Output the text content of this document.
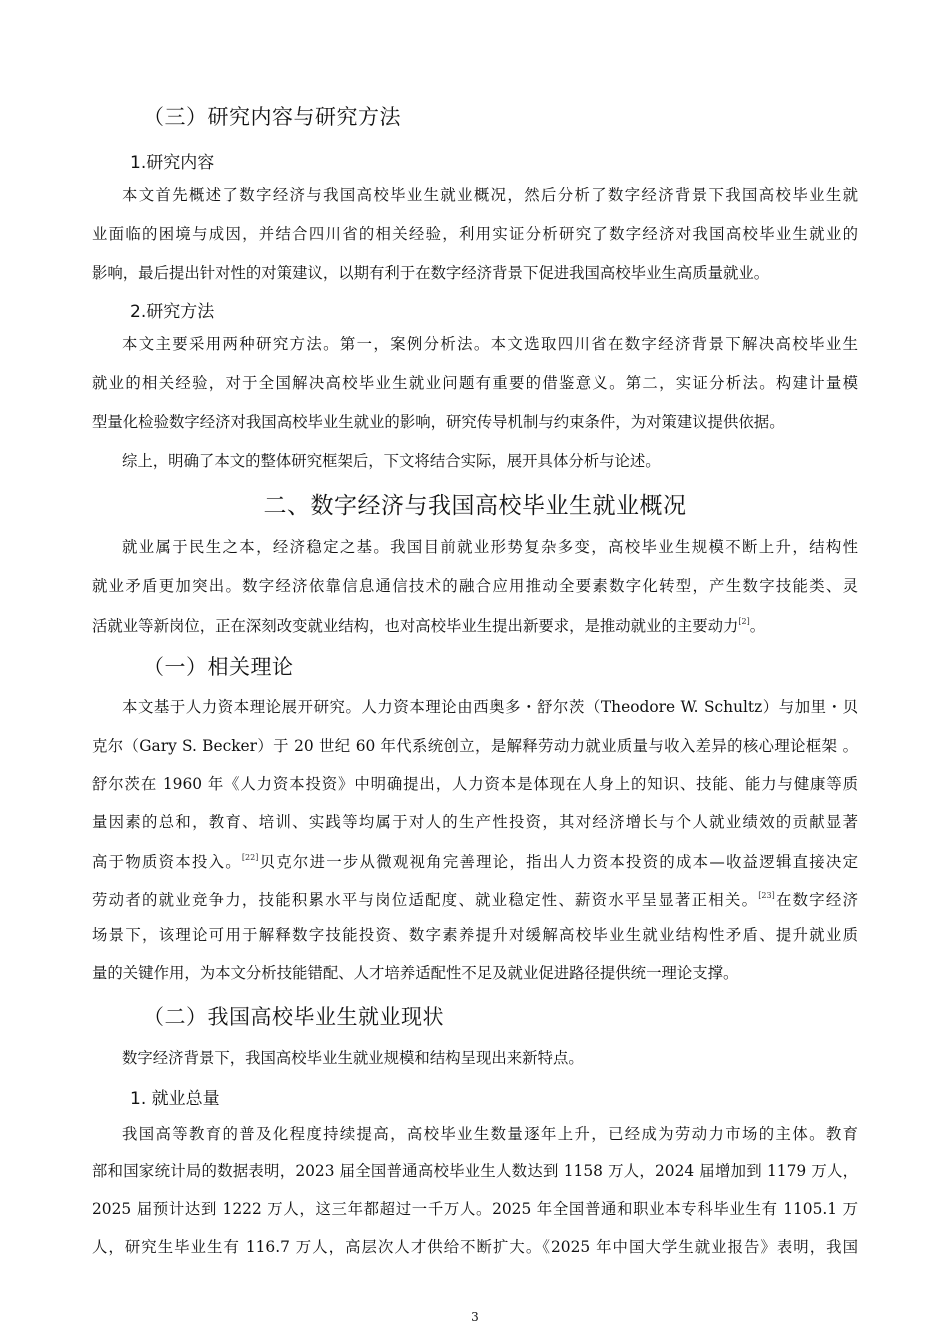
（三）研究内容与研究方法
1.研究内容
本文首先概述了数字经济与我国高校毕业生就业概况，然后分析了数字经济背景下我国高校毕业生就
业面临的困境与成因，并结合四川省的相关经验，利用实证分析研究了数字经济对我国高校毕业生就业的
影响，最后提出针对性的对策建议，以期有利于在数字经济背景下促进我国高校毕业生高质量就业。
2.研究方法
本文主要采用两种研究方法。第一，案例分析法。本文选取四川省在数字经济背景下解决高校毕业生
就业的相关经验，对于全国解决高校毕业生就业问题有重要的借鉴意义。第二，实证分析法。构建计量模
型量化检验数字经济对我国高校毕业生就业的影响，研究传导机制与约束条件，为对策建议提供依据。
综上，明确了本文的整体研究框架后，下文将结合实际，展开具体分析与论述。
二、数字经济与我国高校毕业生就业概况
就业属于民生之本，经济稳定之基。我国目前就业形势复杂多变，高校毕业生规模不断上升，结构性
就业矛盾更加突出。数字经济依靠信息通信技术的融合应用推动全要素数字化转型，产生数字技能类、灵
活就业等新岗位，正在深刻改变就业结构，也对高校毕业生提出新要求，是推动就业的主要动力[2]。
（一）相关理论
本文基于人力资本理论展开研究。人力资本理论由西奥多・舒尔茨（Theodore W. Schultz）与加里・贝
克尔（Gary S. Becker）于 20 世纪 60 年代系统创立，是解释劳动力就业质量与收入差异的核心理论框架 。
舒尔茨在 1960 年《人力资本投资》中明确提出，人力资本是体现在人身上的知识、技能、能力与健康等质
量因素的总和，教育、培训、实践等均属于对人的生产性投资，其对经济增长与个人就业绩效的贡献显著
高于物质资本投入。[22]贝克尔进一步从微观视角完善理论，指出人力资本投资的成本—收益逻辑直接决定
劳动者的就业竞争力，技能积累水平与岗位适配度、就业稳定性、薪资水平呈显著正相关。[23]在数字经济
场景下，该理论可用于解释数字技能投资、数字素养提升对缓解高校毕业生就业结构性矛盾、提升就业质
量的关键作用，为本文分析技能错配、人才培养适配性不足及就业促进路径提供统一理论支撑。
（二）我国高校毕业生就业现状
数字经济背景下，我国高校毕业生就业规模和结构呈现出来新特点。
1. 就业总量
我国高等教育的普及化程度持续提高，高校毕业生数量逐年上升，已经成为劳动力市场的主体。教育
部和国家统计局的数据表明，2023 届全国普通高校毕业生人数达到 1158 万人，2024 届增加到 1179 万人，
2025 届预计达到 1222 万人，这三年都超过一千万人。2025 年全国普通和职业本专科毕业生有 1105.1 万
人，研究生毕业生有 116.7 万人，高层次人才供给不断扩大。《2025 年中国大学生就业报告》表明，我国
3
